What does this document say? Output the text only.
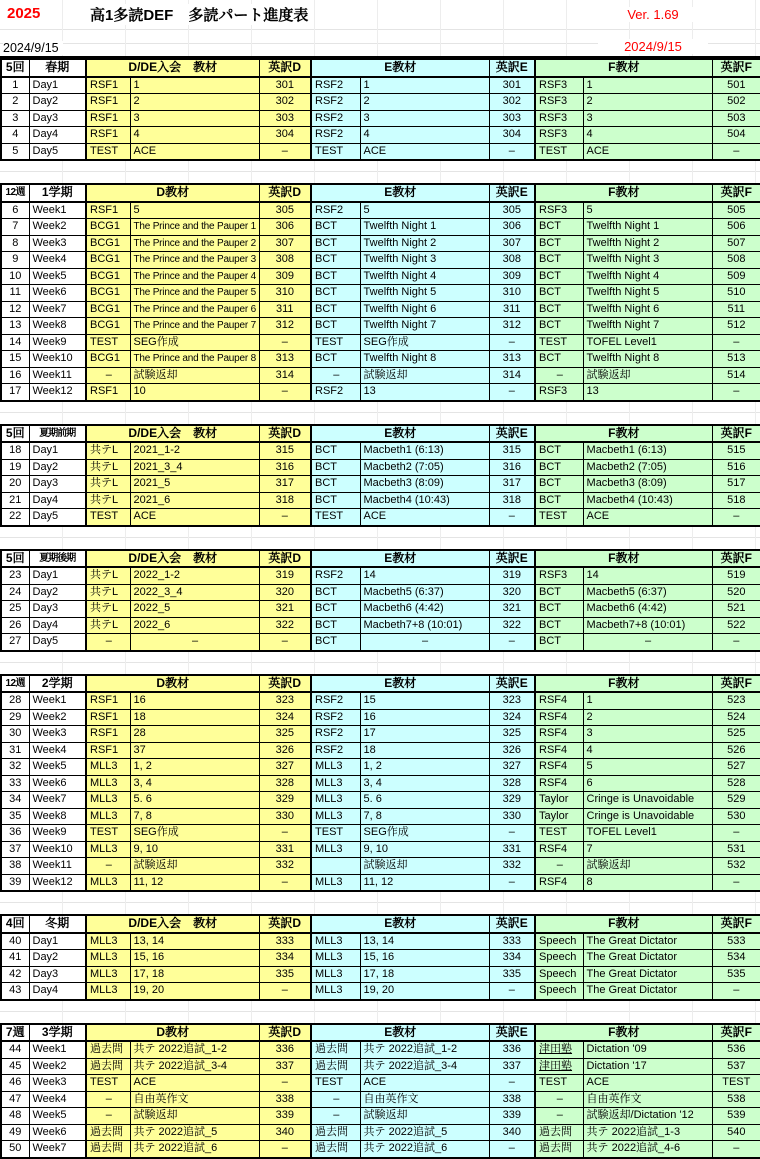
2025	高1多読DEF　多読パート進度表	Ver. 1.69
2024/9/15	2024/9/15
5回	春期	D/DE入会　教材		英訳D	E教材		英訳E	F教材		英訳F
1	Day1	RSF1	1	301	RSF2	1	301	RSF3	1	501
2	Day2	RSF1	2	302	RSF2	2	302	RSF3	2	502
3	Day3	RSF1	3	303	RSF2	3	303	RSF3	3	503
4	Day4	RSF1	4	304	RSF2	4	304	RSF3	4	504
5	Day5	TEST	ACE	–	TEST	ACE	–	TEST	ACE	–
12週	1学期	D教材		英訳D	E教材		英訳E	F教材		英訳F
6	Week1	RSF1	5	305	RSF2	5	305	RSF3	5	505
7	Week2	BCG1	The Prince and the Pauper 1	306	BCT	Twelfth Night 1	306	BCT	Twelfth Night 1	506
8	Week3	BCG1	The Prince and the Pauper 2	307	BCT	Twelfth Night 2	307	BCT	Twelfth Night 2	507
9	Week4	BCG1	The Prince and the Pauper 3	308	BCT	Twelfth Night 3	308	BCT	Twelfth Night 3	508
10	Week5	BCG1	The Prince and the Pauper 4	309	BCT	Twelfth Night 4	309	BCT	Twelfth Night 4	509
11	Week6	BCG1	The Prince and the Pauper 5	310	BCT	Twelfth Night 5	310	BCT	Twelfth Night 5	510
12	Week7	BCG1	The Prince and the Pauper 6	311	BCT	Twelfth Night 6	311	BCT	Twelfth Night 6	511
13	Week8	BCG1	The Prince and the Pauper 7	312	BCT	Twelfth Night 7	312	BCT	Twelfth Night 7	512
14	Week9	TEST	SEG作成	–	TEST	SEG作成	–	TEST	TOFEL Level1	–
15	Week10	BCG1	The Prince and the Pauper 8	313	BCT	Twelfth Night 8	313	BCT	Twelfth Night 8	513
16	Week11	–	試験返却	314	–	試験返却	314	–	試験返却	514
17	Week12	RSF1	10	–	RSF2	13	–	RSF3	13	–
5回	夏期前期	D/DE入会　教材		英訳D	E教材		英訳E	F教材		英訳F
18	Day1	共テL	2021_1-2	315	BCT	Macbeth1 (6:13)	315	BCT	Macbeth1 (6:13)	515
19	Day2	共テL	2021_3_4	316	BCT	Macbeth2 (7:05)	316	BCT	Macbeth2 (7:05)	516
20	Day3	共テL	2021_5	317	BCT	Macbeth3 (8:09)	317	BCT	Macbeth3 (8:09)	517
21	Day4	共テL	2021_6	318	BCT	Macbeth4 (10:43)	318	BCT	Macbeth4 (10:43)	518
22	Day5	TEST	ACE	–	TEST	ACE	–	TEST	ACE	–
5回	夏期後期	D/DE入会　教材		英訳D	E教材		英訳E	F教材		英訳F
23	Day1	共テL	2022_1-2	319	RSF2	14	319	RSF3	14	519
24	Day2	共テL	2022_3_4	320	BCT	Macbeth5 (6:37)	320	BCT	Macbeth5 (6:37)	520
25	Day3	共テL	2022_5	321	BCT	Macbeth6 (4:42)	321	BCT	Macbeth6 (4:42)	521
26	Day4	共テL	2022_6	322	BCT	Macbeth7+8 (10:01)	322	BCT	Macbeth7+8 (10:01)	522
27	Day5	–	–	–	BCT	–	–	BCT	–	–
12週	2学期	D教材		英訳D	E教材		英訳E	F教材		英訳F
28	Week1	RSF1	16	323	RSF2	15	323	RSF4	1	523
29	Week2	RSF1	18	324	RSF2	16	324	RSF4	2	524
30	Week3	RSF1	28	325	RSF2	17	325	RSF4	3	525
31	Week4	RSF1	37	326	RSF2	18	326	RSF4	4	526
32	Week5	MLL3	1, 2	327	MLL3	1, 2	327	RSF4	5	527
33	Week6	MLL3	3, 4	328	MLL3	3, 4	328	RSF4	6	528
34	Week7	MLL3	5. 6	329	MLL3	5. 6	329	Taylor	Cringe is Unavoidable	529
35	Week8	MLL3	7, 8	330	MLL3	7, 8	330	Taylor	Cringe is Unavoidable	530
36	Week9	TEST	SEG作成	–	TEST	SEG作成	–	TEST	TOFEL Level1	–
37	Week10	MLL3	9, 10	331	MLL3	9, 10	331	RSF4	7	531
38	Week11	–	試験返却	332		試験返却	332	–	試験返却	532
39	Week12	MLL3	11, 12	–	MLL3	11, 12	–	RSF4	8	–
4回	冬期	D/DE入会　教材		英訳D	E教材		英訳E	F教材		英訳F
40	Day1	MLL3	13, 14	333	MLL3	13, 14	333	Speech	The Great Dictator	533
41	Day2	MLL3	15, 16	334	MLL3	15, 16	334	Speech	The Great Dictator	534
42	Day3	MLL3	17, 18	335	MLL3	17, 18	335	Speech	The Great Dictator	535
43	Day4	MLL3	19, 20	–	MLL3	19, 20	–	Speech	The Great Dictator	–
7週	3学期	D教材		英訳D	E教材		英訳E	F教材		英訳F
44	Week1	過去問	共テ 2022追試_1-2	336	過去問	共テ 2022追試_1-2	336	津田塾	Dictation '09	536
45	Week2	過去問	共テ 2022追試_3-4	337	過去問	共テ 2022追試_3-4	337	津田塾	Dictation '17	537
46	Week3	TEST	ACE	–	TEST	ACE	–	TEST	ACE	TEST
47	Week4	–	自由英作文	338	–	自由英作文	338	–	自由英作文	538
48	Week5	–	試験返却	339	–	試験返却	339	–	試験返却/Dictation '12	539
49	Week6	過去問	共テ 2022追試_5	340	過去問	共テ 2022追試_5	340	過去問	共テ 2022追試_1-3	540
50	Week7	過去問	共テ 2022追試_6	–	過去問	共テ 2022追試_6	–	過去問	共テ 2022追試_4-6	–
